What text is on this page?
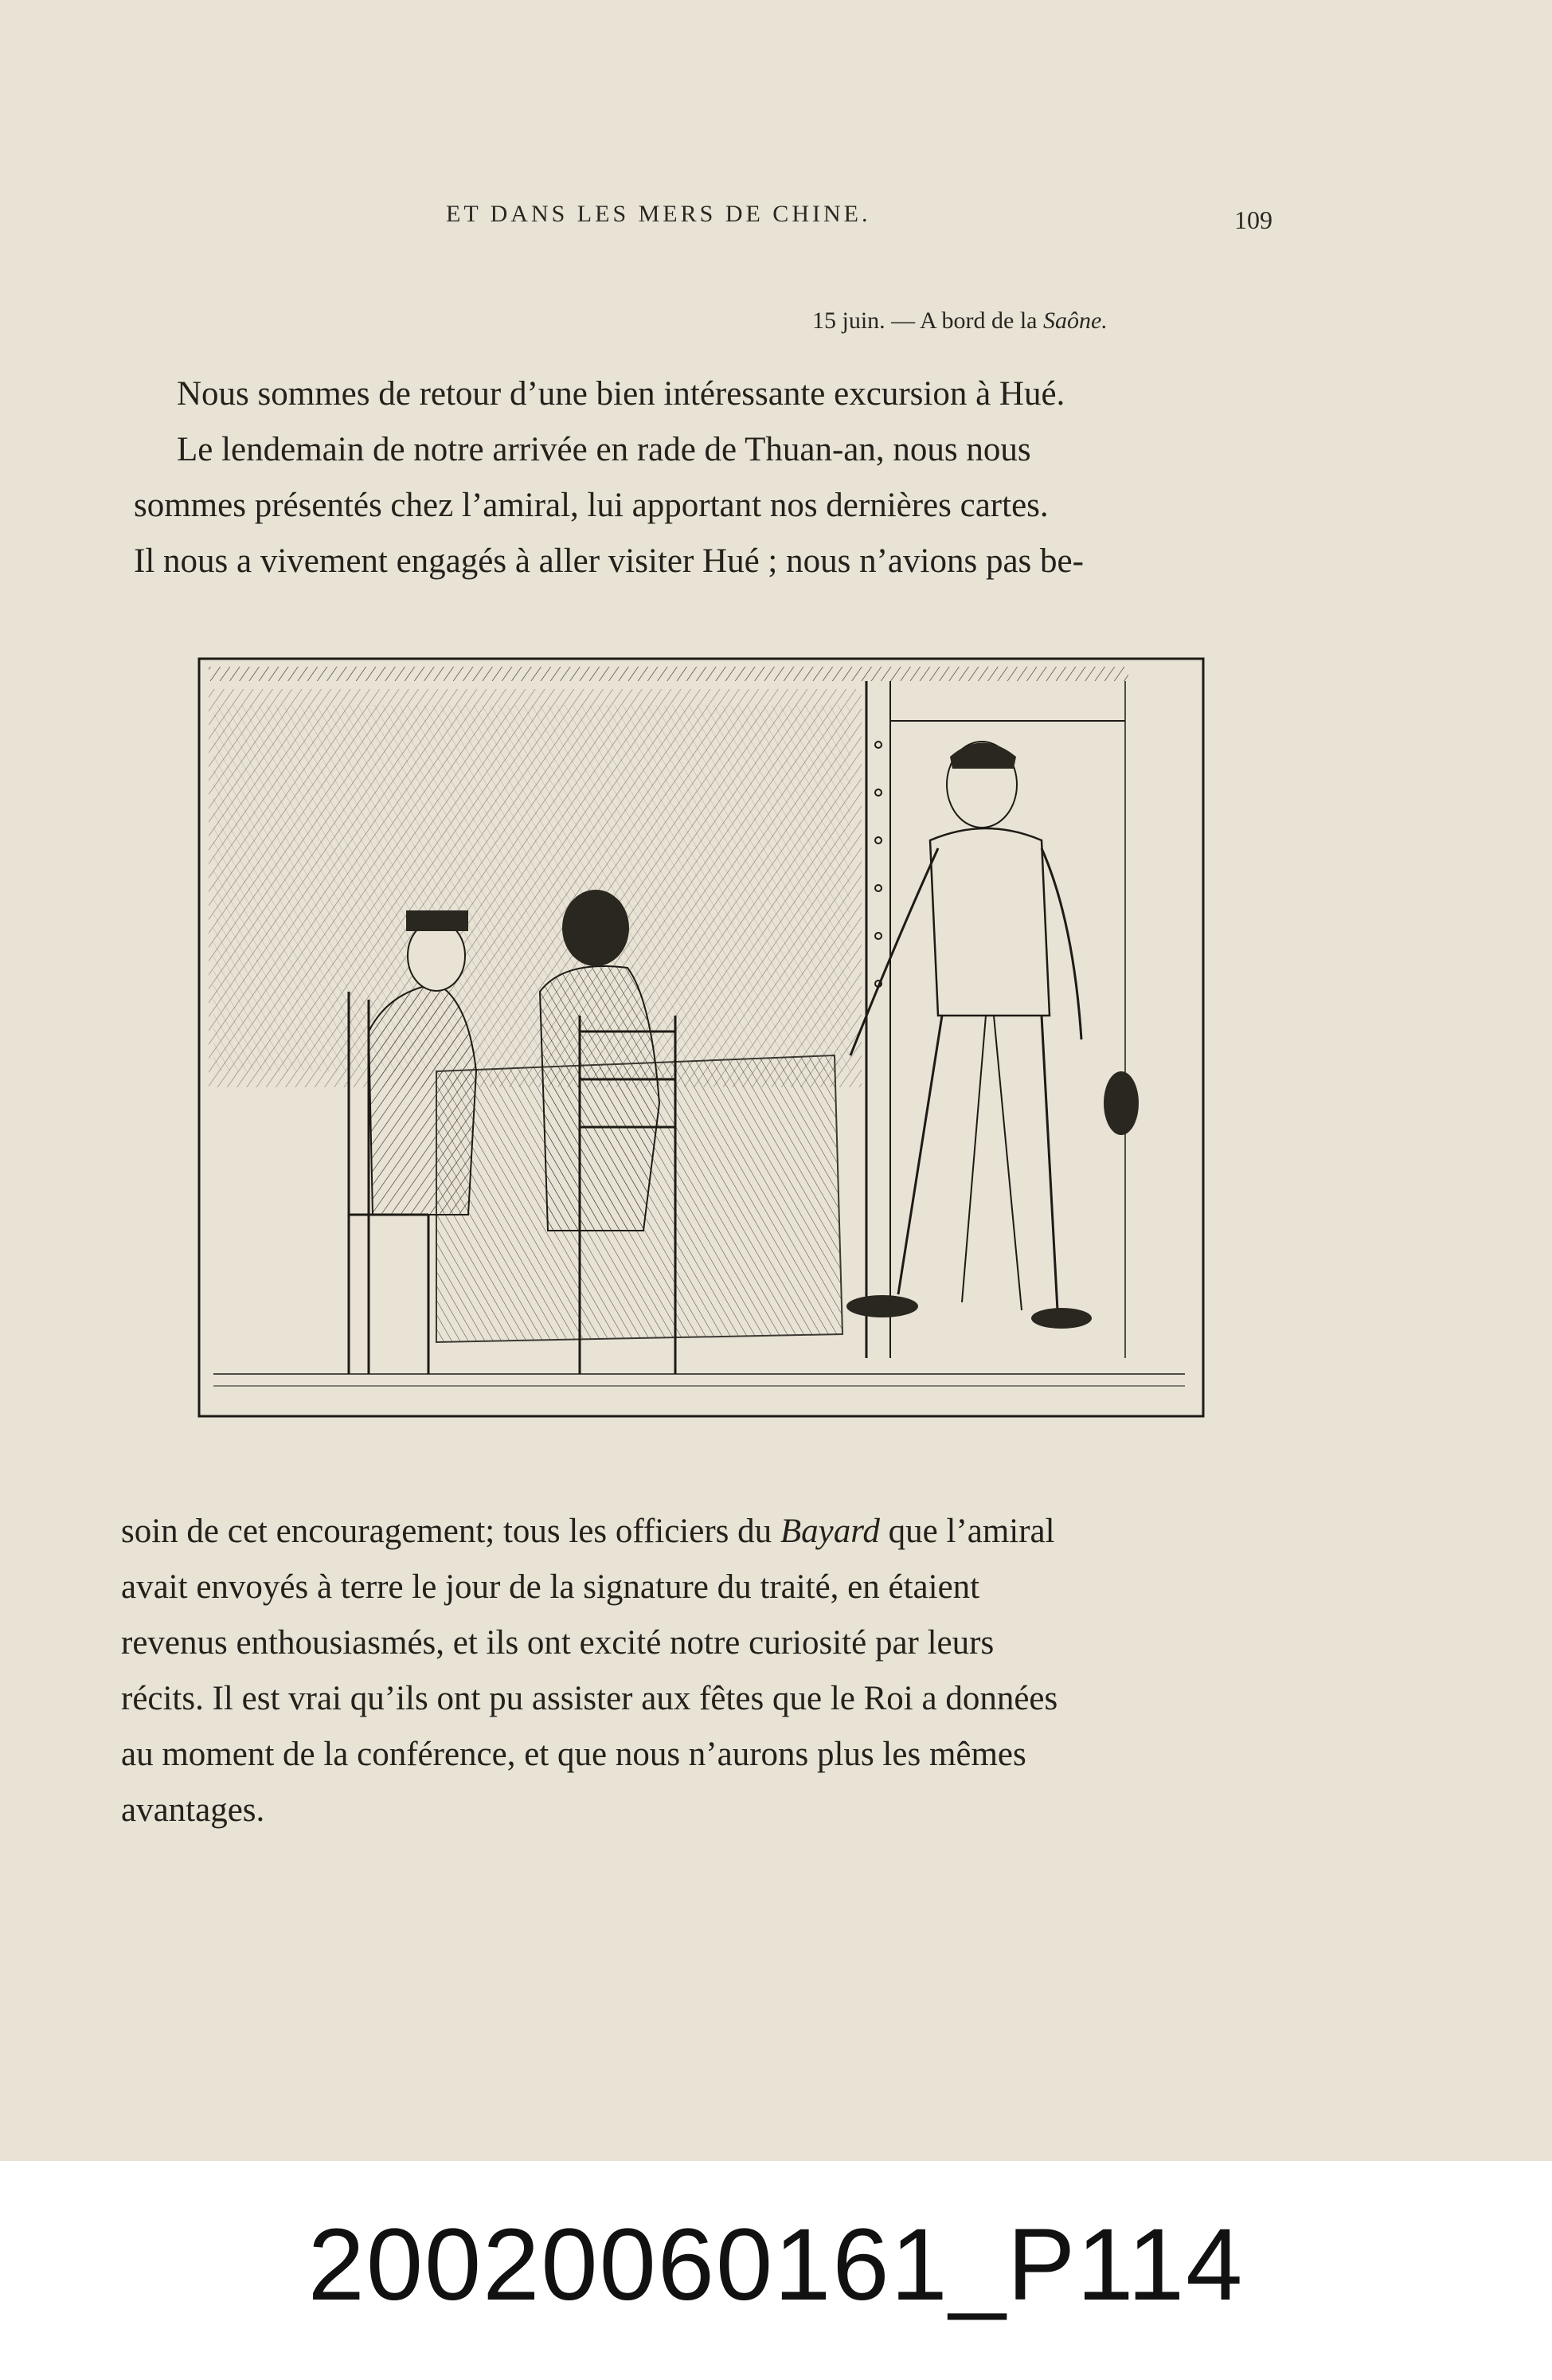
ET DANS LES MERS DE CHINE.	109
15 juin. — A bord de la Saône.
Nous sommes de retour d’une bien intéressante excursion à Hué.
Le lendemain de notre arrivée en rade de Thuan-an, nous nous
sommes présentés chez l’amiral, lui apportant nos dernières cartes.
Il nous a vivement engagés à aller visiter Hué ; nous n’avions pas be-
soin de cet encouragement; tous les officiers du Bayard que l’amiral
avait envoyés à terre le jour de la signature du traité, en étaient
revenus enthousiasmés, et ils ont excité notre curiosité par leurs
récits. Il est vrai qu’ils ont pu assister aux fêtes que le Roi a données
au moment de la conférence, et que nous n’aurons plus les mêmes
avantages.
20020060161_P114
